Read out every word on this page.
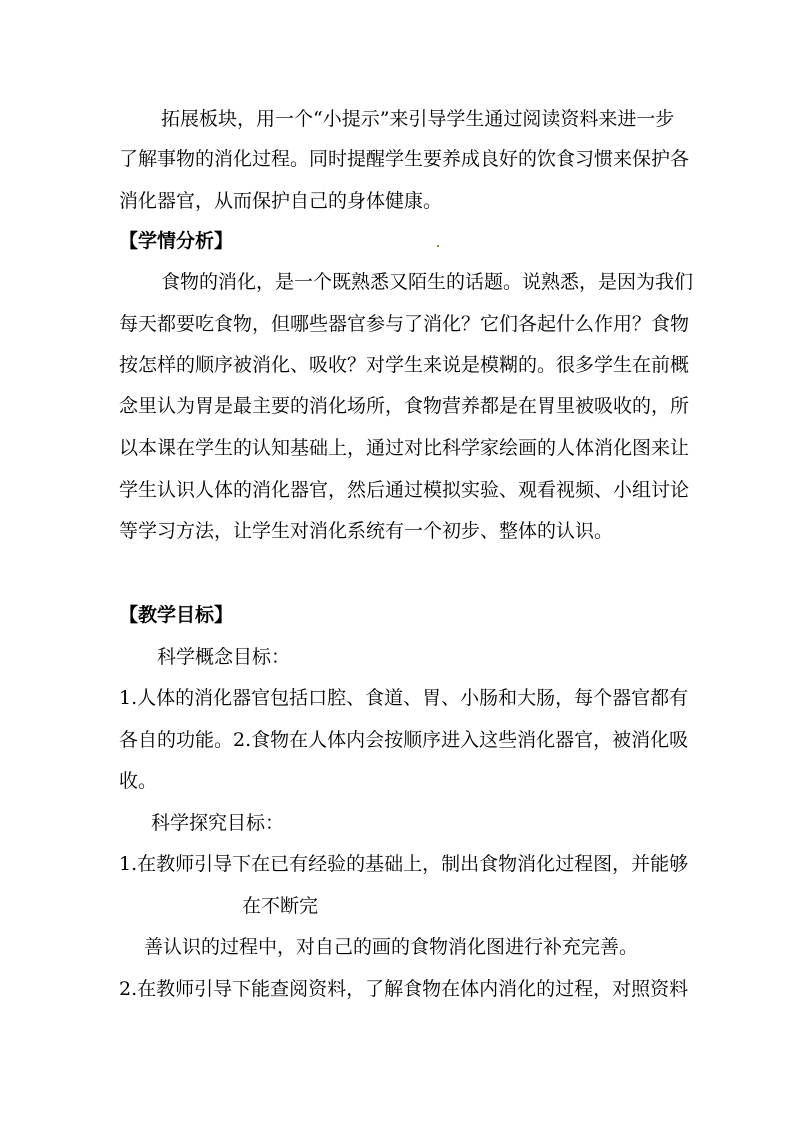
拓展板块，用一个“小提示”来引导学生通过阅读资料来进一步
了解事物的消化过程。同时提醒学生要养成良好的饮食习惯来保护各
消化器官，从而保护自己的身体健康。
【学情分析】
食物的消化，是一个既熟悉又陌生的话题。说熟悉，是因为我们
每天都要吃食物，但哪些器官参与了消化？它们各起什么作用？食物
按怎样的顺序被消化、吸收？对学生来说是模糊的。很多学生在前概
念里认为胃是最主要的消化场所，食物营养都是在胃里被吸收的，所
以本课在学生的认知基础上，通过对比科学家绘画的人体消化图来让
学生认识人体的消化器官，然后通过模拟实验、观看视频、小组讨论
等学习方法，让学生对消化系统有一个初步、整体的认识。
【教学目标】
科学概念目标：
1.人体的消化器官包括口腔、食道、胃、小肠和大肠，每个器官都有
各自的功能。2.食物在人体内会按顺序进入这些消化器官，被消化吸
收。
科学探究目标：
1.在教师引导下在已有经验的基础上，制出食物消化过程图，并能够
在不断完
善认识的过程中，对自己的画的食物消化图进行补充完善。
2.在教师引导下能查阅资料，了解食物在体内消化的过程，对照资料
